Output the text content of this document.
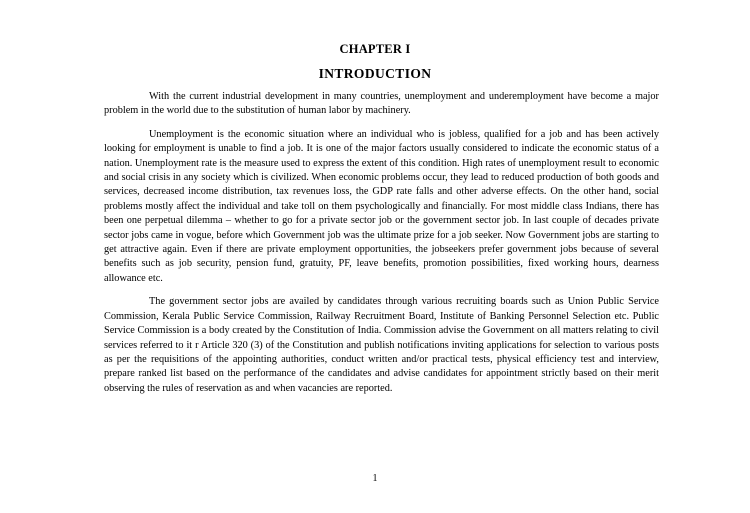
CHAPTER I
INTRODUCTION

With the current industrial development in many countries, unemployment and underemployment have become a major problem in the world due to the substitution of human labor by machinery.

Unemployment is the economic situation where an individual who is jobless, qualified for a job and has been actively looking for employment is unable to find a job. It is one of the major factors usually considered to indicate the economic status of a nation. Unemployment rate is the measure used to express the extent of this condition. High rates of unemployment result to economic and social crisis in any society which is civilized. When economic problems occur, they lead to reduced production of both goods and services, decreased income distribution, tax revenues loss, the GDP rate falls and other adverse effects. On the other hand, social problems mostly affect the individual and take toll on them psychologically and financially. For most middle class Indians, there has been one perpetual dilemma – whether to go for a private sector job or the government sector job. In last couple of decades private sector jobs came in vogue, before which Government job was the ultimate prize for a job seeker. Now Government jobs are starting to get attractive again. Even if there are private employment opportunities, the jobseekers prefer government jobs because of several benefits such as job security, pension fund, gratuity, PF, leave benefits, promotion possibilities, fixed working hours, dearness allowance etc.

The government sector jobs are availed by candidates through various recruiting boards such as Union Public Service Commission, Kerala Public Service Commission, Railway Recruitment Board, Institute of Banking Personnel Selection etc. Public Service Commission is a body created by the Constitution of India. Commission advise the Government on all matters relating to civil services referred to it r Article 320 (3) of the Constitution and publish notifications inviting applications for selection to various posts as per the requisitions of the appointing authorities, conduct written and/or practical tests, physical efficiency test and interview, prepare ranked list based on the performance of the candidates and advise candidates for appointment strictly based on their merit observing the rules of reservation as and when vacancies are reported.

1
